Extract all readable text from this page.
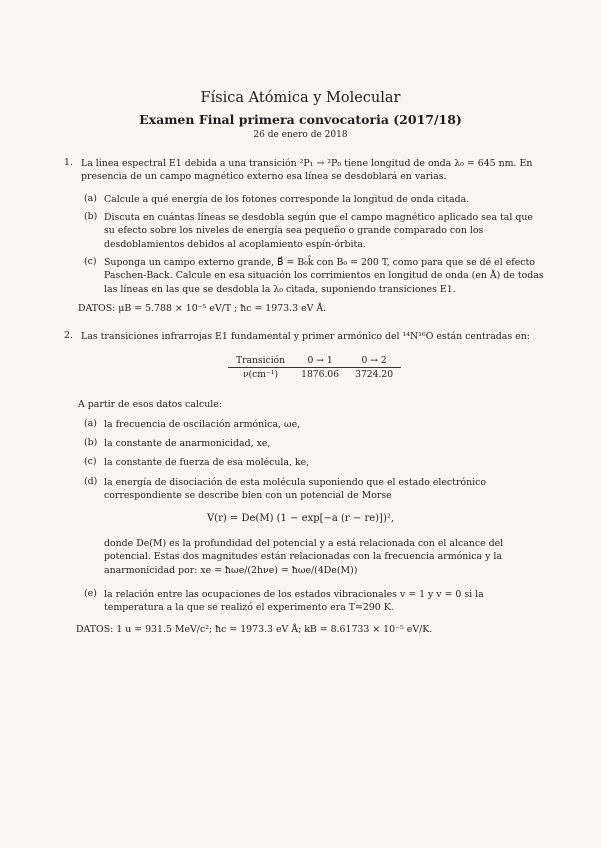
Física Atómica y Molecular
Examen Final primera convocatoria (2017/18)
26 de enero de 2018
1. La línea espectral E1 debida a una transición ²P₁ → ²P₀ tiene longitud de onda λ₀ = 645 nm. En presencia de un campo magnético externo esa línea se desdoblará en varias.
(a) Calcule a qué energía de los fotones corresponde la longitud de onda citada.
(b) Discuta en cuántas líneas se desdobla según que el campo magnético aplicado sea tal que su efecto sobre los niveles de energía sea pequeño o grande comparado con los desdoblamientos debidos al acoplamiento espín-órbita.
(c) Suponga un campo externo grande, B⃗ = B₀k̂ con B₀ = 200 T, como para que se dé el efecto Paschen-Back. Calcule en esa situación los corrimientos en longitud de onda (en Å) de todas las líneas en las que se desdobla la λ₀ citada, suponiendo transiciones E1.
DATOS: μB = 5.788 × 10⁻⁵ eV/T ; ħc = 1973.3 eV Å.
2. Las transiciones infrarrojas E1 fundamental y primer armónico del ¹⁴N¹⁶O están centradas en:
Transición	0 → 1	0 → 2
ν(cm⁻¹)	1876.06	3724.20
A partir de esos datos calcule:
(a) la frecuencia de oscilación armónica, ωe,
(b) la constante de anarmonicidad, xe,
(c) la constante de fuerza de esa molécula, ke,
(d) la energía de disociación de esta molécula suponiendo que el estado electrónico correspondiente se describe bien con un potencial de Morse
V(r) = De(M) (1 − exp[−a (r − re)])²,
donde De(M) es la profundidad del potencial y a está relacionada con el alcance del potencial. Estas dos magnitudes están relacionadas con la frecuencia armónica y la anarmonicidad por: xe = ħωe/(2hνe) = ħωe/(4De(M))
(e) la relación entre las ocupaciones de los estados vibracionales v = 1 y v = 0 si la temperatura a la que se realizó el experimento era T=290 K.
DATOS: 1 u = 931.5 MeV/c²; ħc = 1973.3 eV Å; kB = 8.61733 × 10⁻⁵ eV/K.
